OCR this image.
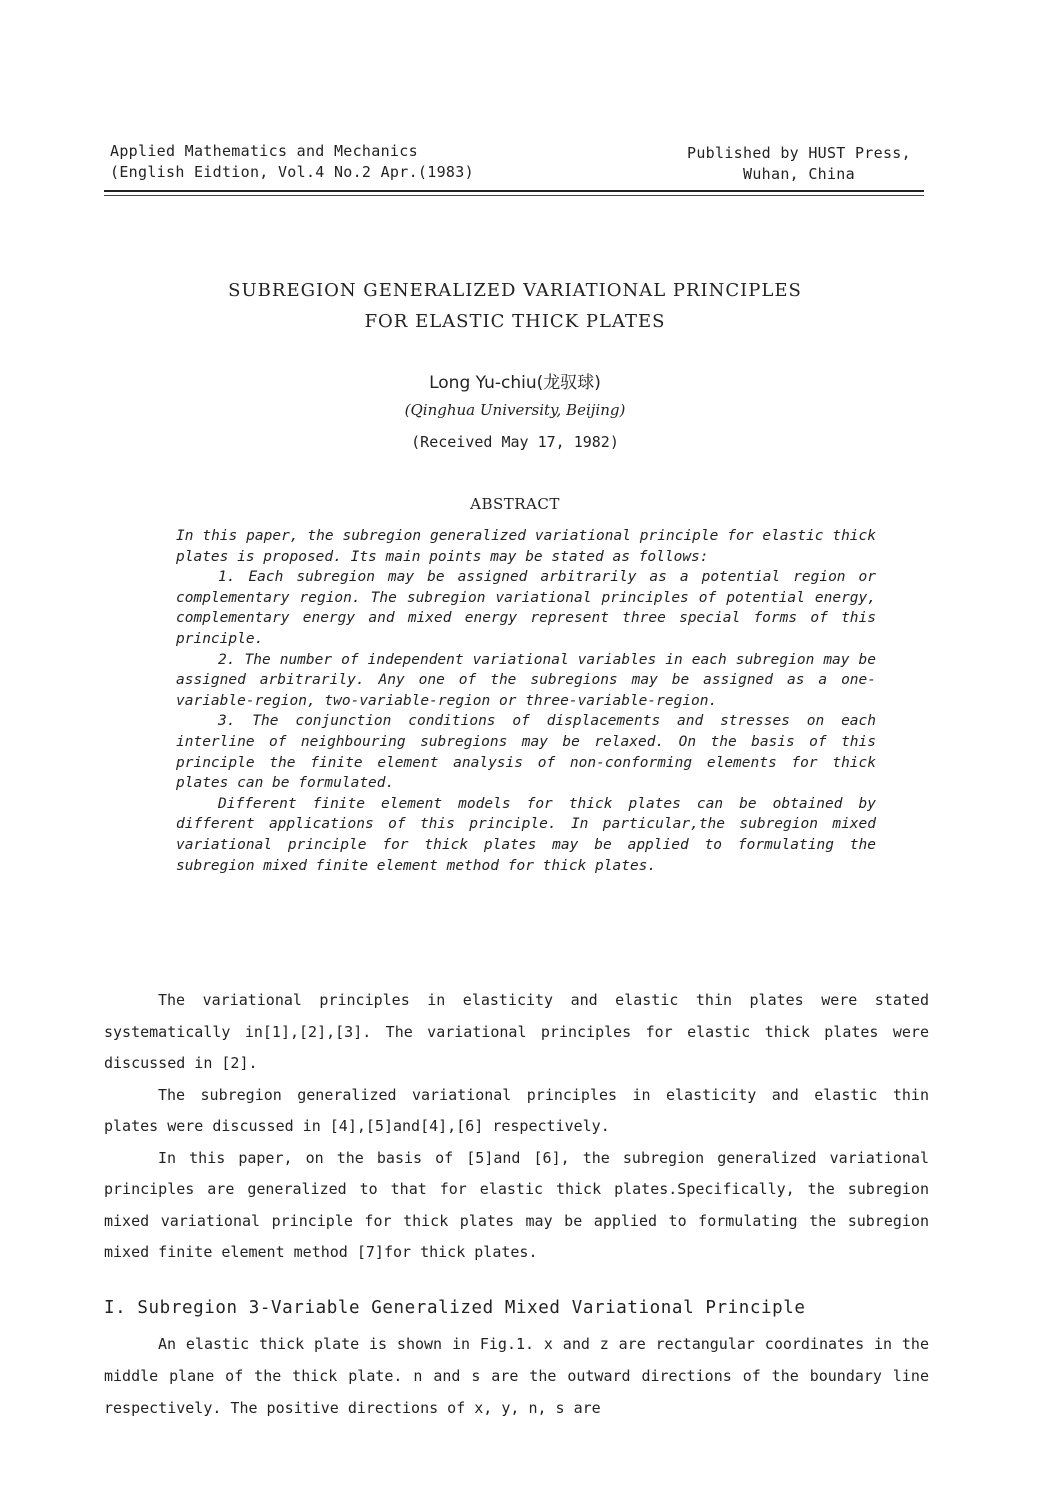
Applied Mathematics and Mechanics
(English Eidtion, Vol.4 No.2 Apr.(1983)
Published by HUST Press,
Wuhan, China
SUBREGION GENERALIZED VARIATIONAL PRINCIPLES
FOR ELASTIC THICK PLATES
Long Yu-chiu(龙驭球)
(Qinghua University, Beijing)
(Received May 17, 1982)
ABSTRACT

In this paper, the subregion generalized variational principle for elastic thick plates is proposed. Its main points may be stated as follows:

1. Each subregion may be assigned arbitrarily as a potential region or complementary region. The subregion variational principles of potential energy, complementary energy and mixed energy represent three special forms of this principle.

2. The number of independent variational variables in each subregion may be assigned arbitrarily. Any one of the subregions may be assigned as a one-variable-region, two-variable-region or three-variable-region.

3. The conjunction conditions of displacements and stresses on each interline of neighbouring subregions may be relaxed. On the basis of this principle the finite element analysis of non-conforming elements for thick plates can be formulated.

Different finite element models for thick plates can be obtained by different applications of this principle. In particular,the subregion mixed variational principle for thick plates may be applied to formulating the subregion mixed finite element method for thick plates.

The variational principles in elasticity and elastic thin plates were stated systematically in[1],[2],[3]. The variational principles for elastic thick plates were discussed in [2].

The subregion generalized variational principles in elasticity and elastic thin plates were discussed in [4],[5]and[4],[6] respectively.

In this paper, on the basis of [5]and [6], the subregion generalized variational principles are generalized to that for elastic thick plates.Specifically, the subregion mixed variational principle for thick plates may be applied to formulating the subregion mixed finite element method [7]for thick plates.

I. Subregion 3-Variable Generalized Mixed Variational Principle

An elastic thick plate is shown in Fig.1. x and z are rectangular coordinates in the middle plane of the thick plate. n and s are the outward directions of the boundary line respectively. The positive directions of x, y, n, s are
